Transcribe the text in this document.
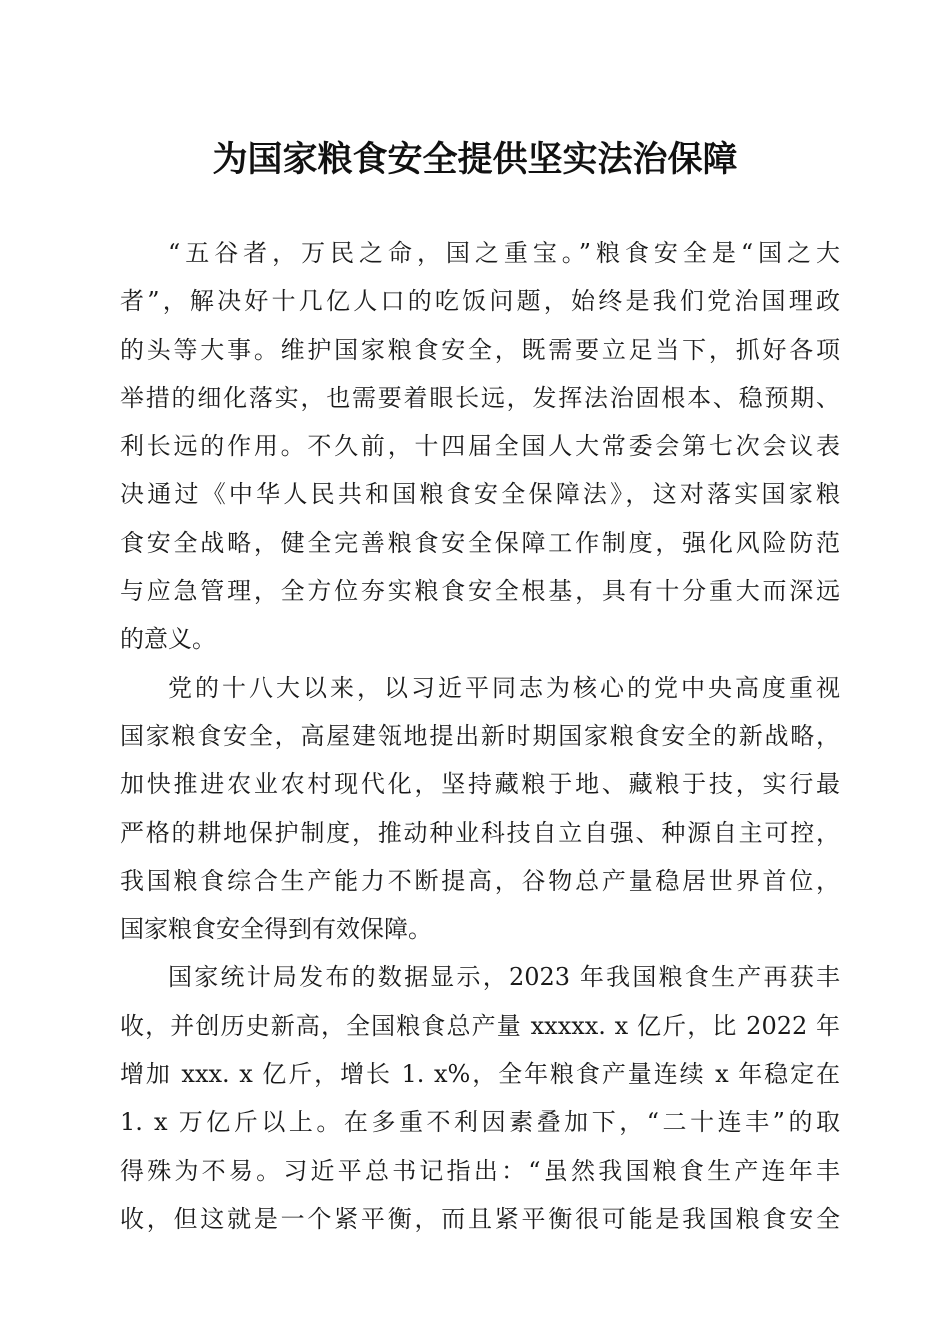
为国家粮食安全提供坚实法治保障
“五谷者，万民之命，国之重宝。”粮食安全是“国之大
者”，解决好十几亿人口的吃饭问题，始终是我们党治国理政
的头等大事。维护国家粮食安全，既需要立足当下，抓好各项
举措的细化落实，也需要着眼长远，发挥法治固根本、稳预期、
利长远的作用。不久前，十四届全国人大常委会第七次会议表
决通过《中华人民共和国粮食安全保障法》，这对落实国家粮
食安全战略，健全完善粮食安全保障工作制度，强化风险防范
与应急管理，全方位夯实粮食安全根基，具有十分重大而深远
的意义。
党的十八大以来，以习近平同志为核心的党中央高度重视
国家粮食安全，高屋建瓴地提出新时期国家粮食安全的新战略，
加快推进农业农村现代化，坚持藏粮于地、藏粮于技，实行最
严格的耕地保护制度，推动种业科技自立自强、种源自主可控，
我国粮食综合生产能力不断提高，谷物总产量稳居世界首位，
国家粮食安全得到有效保障。
国家统计局发布的数据显示，2023 年我国粮食生产再获丰
收，并创历史新高，全国粮食总产量 xxxxx. x 亿斤，比 2022 年
增加 xxx. x 亿斤，增长 1. x%，全年粮食产量连续 x 年稳定在
1. x 万亿斤以上。在多重不利因素叠加下，“二十连丰”的取
得殊为不易。习近平总书记指出：“虽然我国粮食生产连年丰
收，但这就是一个紧平衡，而且紧平衡很可能是我国粮食安全
